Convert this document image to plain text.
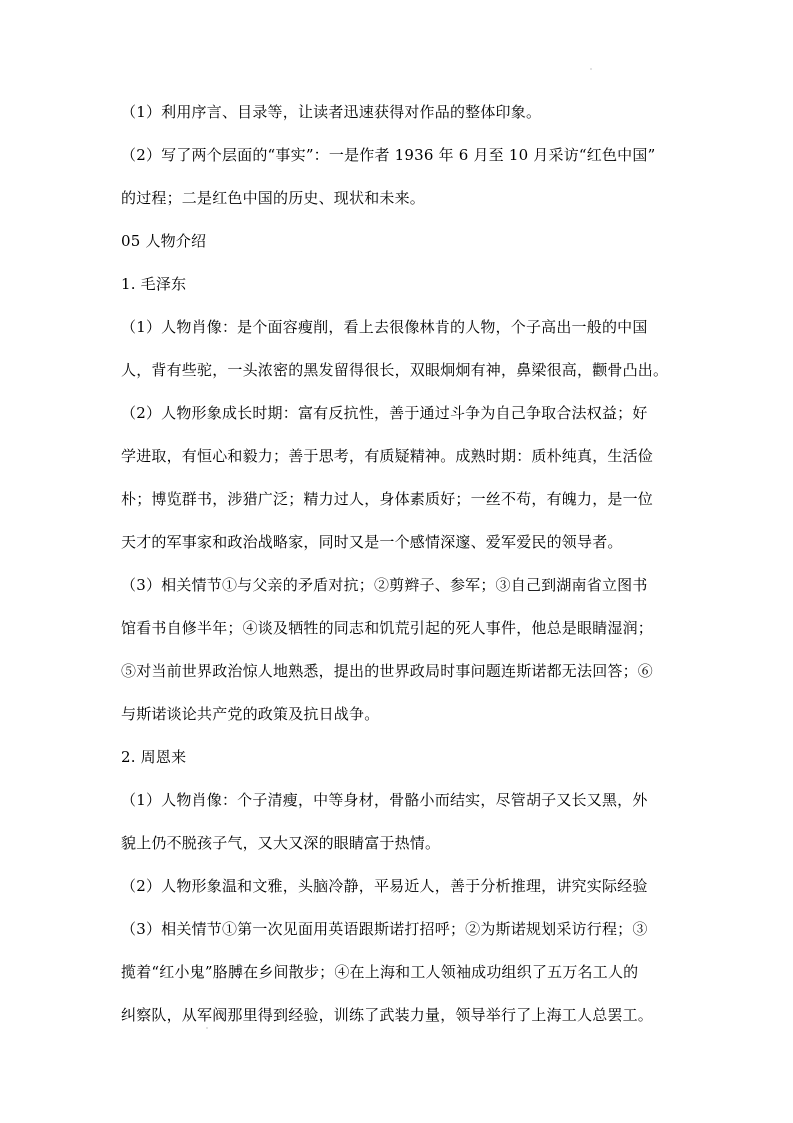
（1）利用序言、目录等，让读者迅速获得对作品的整体印象。
（2）写了两个层面的“事实”：一是作者 1936 年 6 月至 10 月采访“红色中国”
的过程；二是红色中国的历史、现状和未来。
05 人物介绍
1. 毛泽东
（1）人物肖像：是个面容瘦削，看上去很像林肯的人物，个子高出一般的中国
人，背有些驼，一头浓密的黑发留得很长，双眼炯炯有神，鼻梁很高，颧骨凸出。
（2）人物形象成长时期：富有反抗性，善于通过斗争为自己争取合法权益；好
学进取，有恒心和毅力；善于思考，有质疑精神。成熟时期：质朴纯真，生活俭
朴；博览群书，涉猎广泛；精力过人，身体素质好；一丝不苟，有魄力，是一位
天才的军事家和政治战略家，同时又是一个感情深邃、爱军爱民的领导者。
（3）相关情节①与父亲的矛盾对抗；②剪辫子、参军；③自己到湖南省立图书
馆看书自修半年；④谈及牺牲的同志和饥荒引起的死人事件，他总是眼睛湿润；
⑤对当前世界政治惊人地熟悉，提出的世界政局时事问题连斯诺都无法回答；⑥
与斯诺谈论共产党的政策及抗日战争。
2. 周恩来
（1）人物肖像：个子清瘦，中等身材，骨骼小而结实，尽管胡子又长又黑，外
貌上仍不脱孩子气，又大又深的眼睛富于热情。
（2）人物形象温和文雅，头脑冷静，平易近人，善于分析推理，讲究实际经验
（3）相关情节①第一次见面用英语跟斯诺打招呼；②为斯诺规划采访行程；③
揽着“红小鬼”胳膊在乡间散步；④在上海和工人领袖成功组织了五万名工人的
纠察队，从军阀那里得到经验，训练了武装力量，领导举行了上海工人总罢工。
